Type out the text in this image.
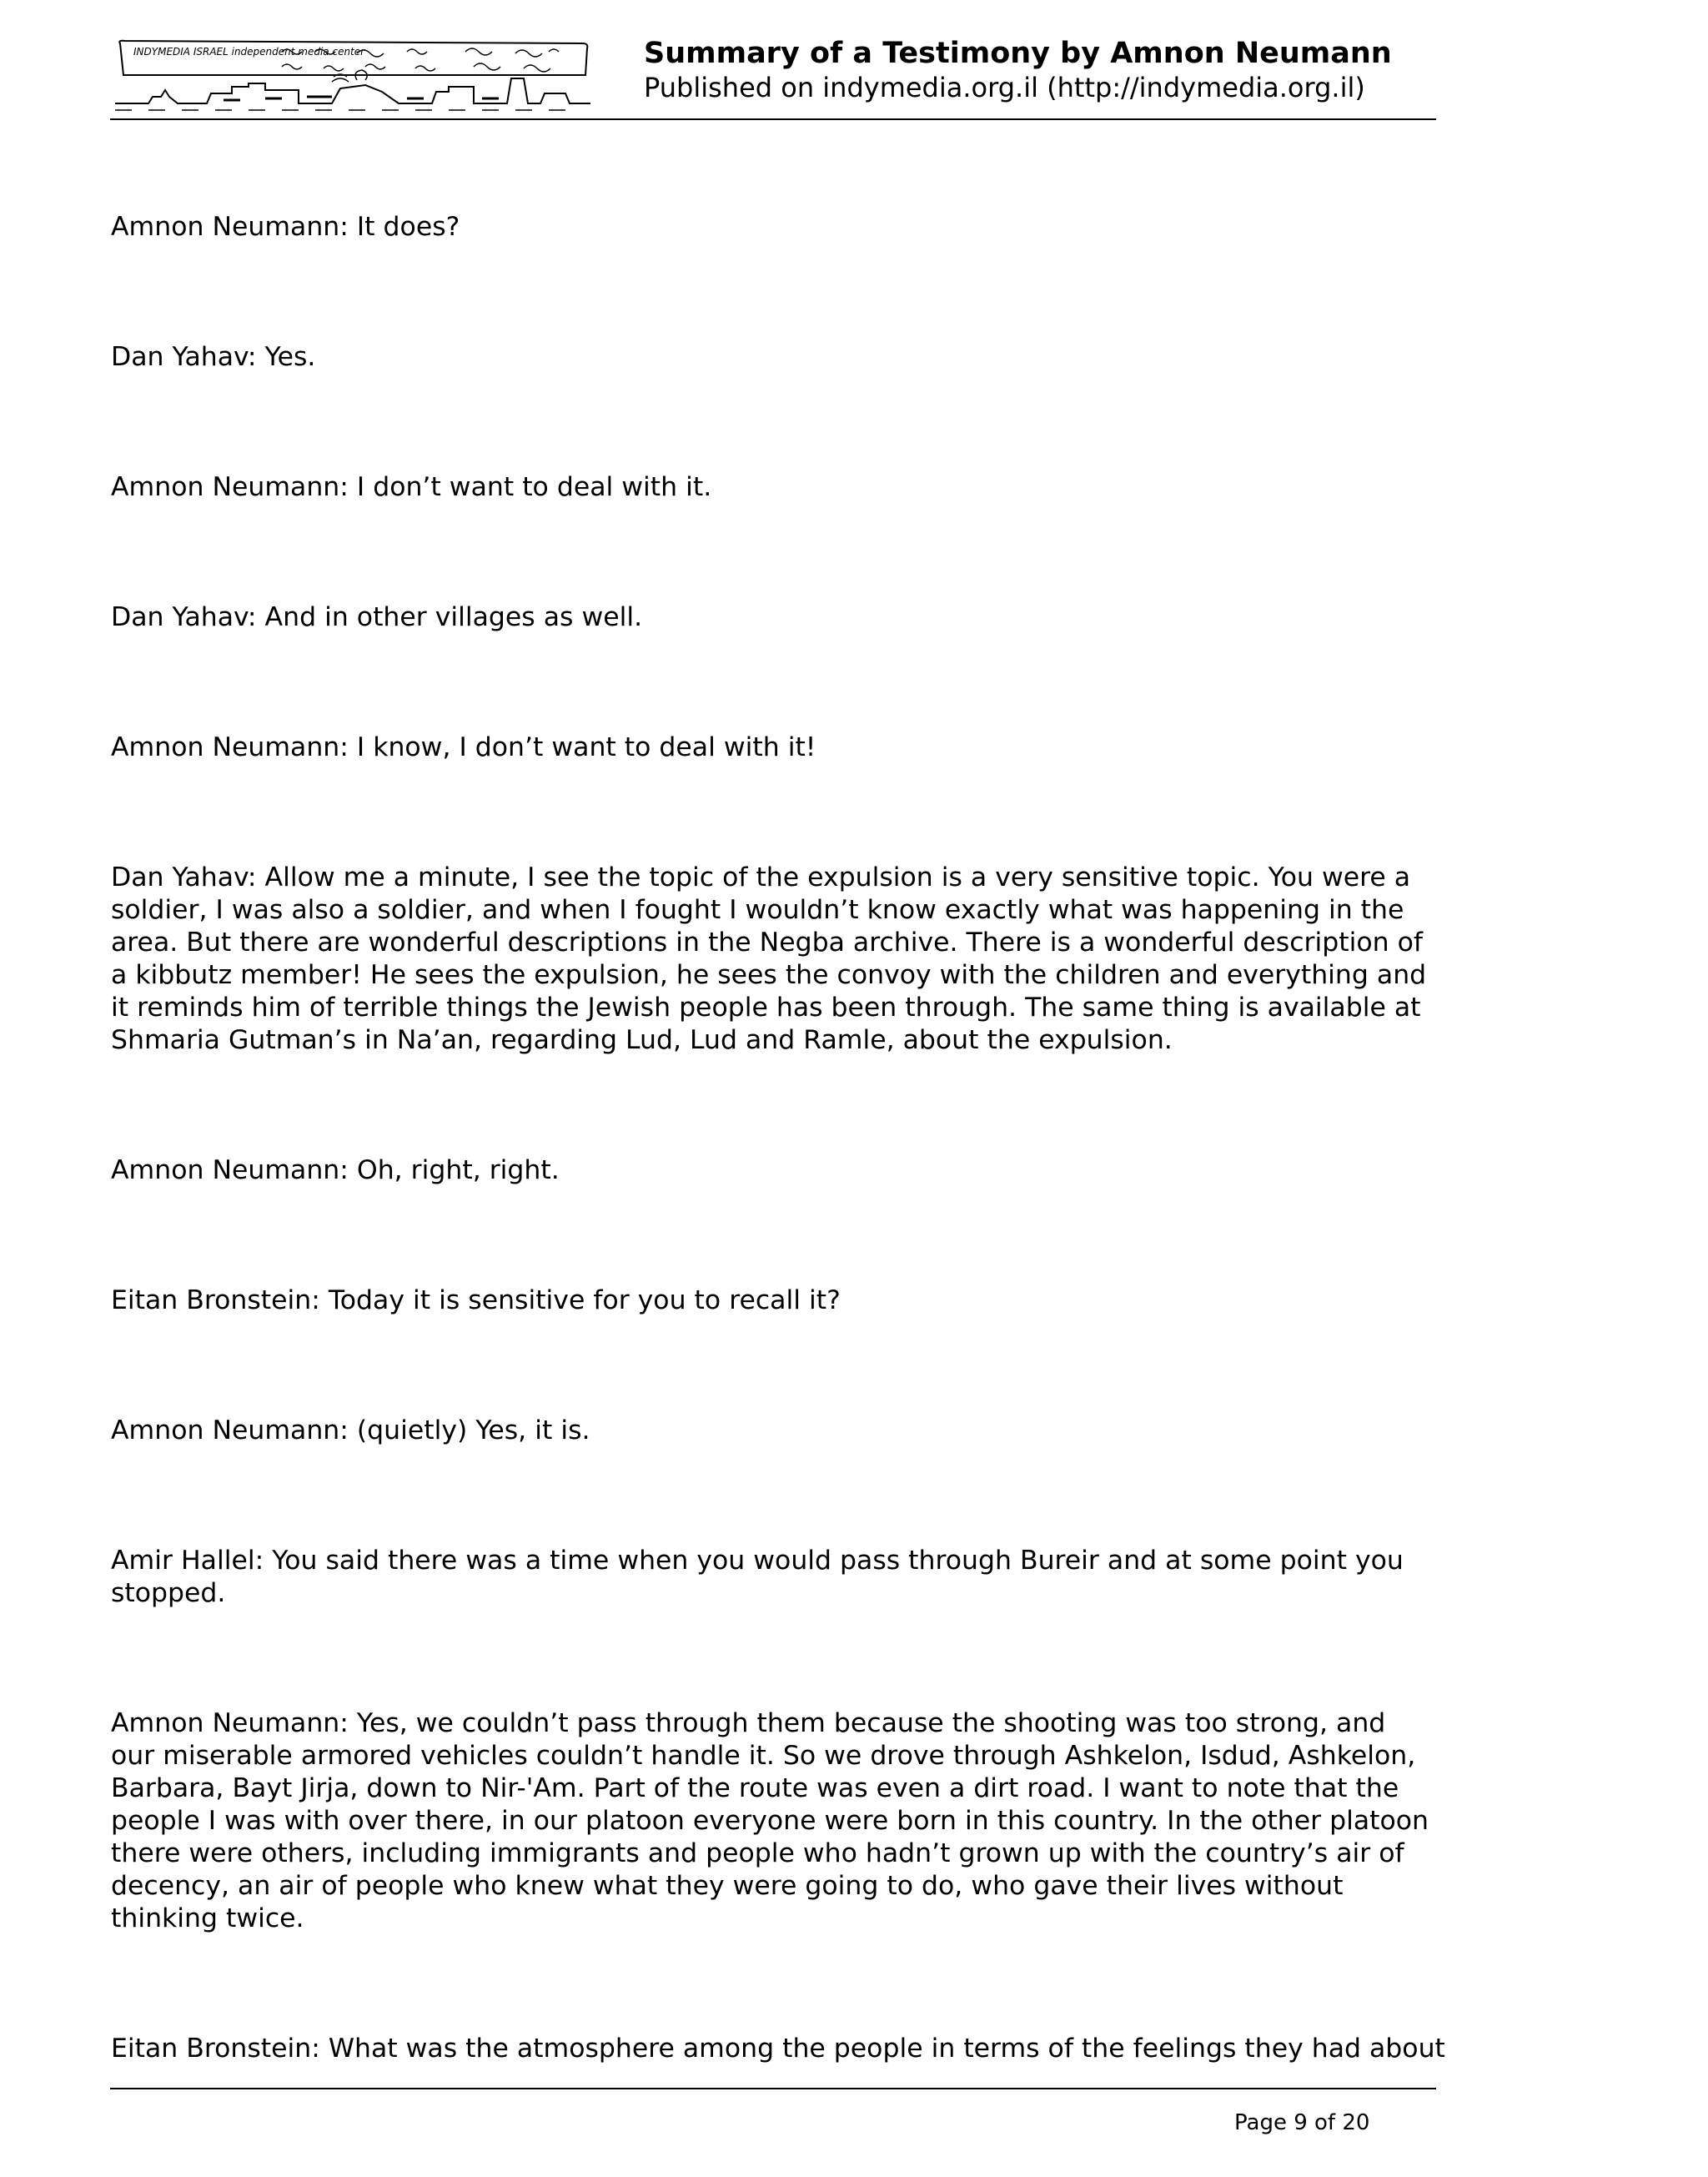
INDYMEDIA ISRAEL independent media center	Summary of a Testimony by Amnon Neumann
Published on indymedia.org.il (http://indymedia.org.il)

Amnon Neumann: It does?

Dan Yahav: Yes.

Amnon Neumann: I don’t want to deal with it.

Dan Yahav: And in other villages as well.

Amnon Neumann: I know, I don’t want to deal with it!

Dan Yahav: Allow me a minute, I see the topic of the expulsion is a very sensitive topic. You were a soldier, I was also a soldier, and when I fought I wouldn’t know exactly what was happening in the area. But there are wonderful descriptions in the Negba archive. There is a wonderful description of a kibbutz member! He sees the expulsion, he sees the convoy with the children and everything and it reminds him of terrible things the Jewish people has been through. The same thing is available at Shmaria Gutman’s in Na’an, regarding Lud, Lud and Ramle, about the expulsion.

Amnon Neumann: Oh, right, right.

Eitan Bronstein: Today it is sensitive for you to recall it?

Amnon Neumann: (quietly) Yes, it is.

Amir Hallel: You said there was a time when you would pass through Bureir and at some point you stopped.

Amnon Neumann: Yes, we couldn’t pass through them because the shooting was too strong, and our miserable armored vehicles couldn’t handle it. So we drove through Ashkelon, Isdud, Ashkelon, Barbara, Bayt Jirja, down to Nir-'Am. Part of the route was even a dirt road. I want to note that the people I was with over there, in our platoon everyone were born in this country. In the other platoon there were others, including immigrants and people who hadn’t grown up with the country’s air of decency, an air of people who knew what they were going to do, who gave their lives without thinking twice.

Eitan Bronstein: What was the atmosphere among the people in terms of the feelings they had about

Page 9 of 20
